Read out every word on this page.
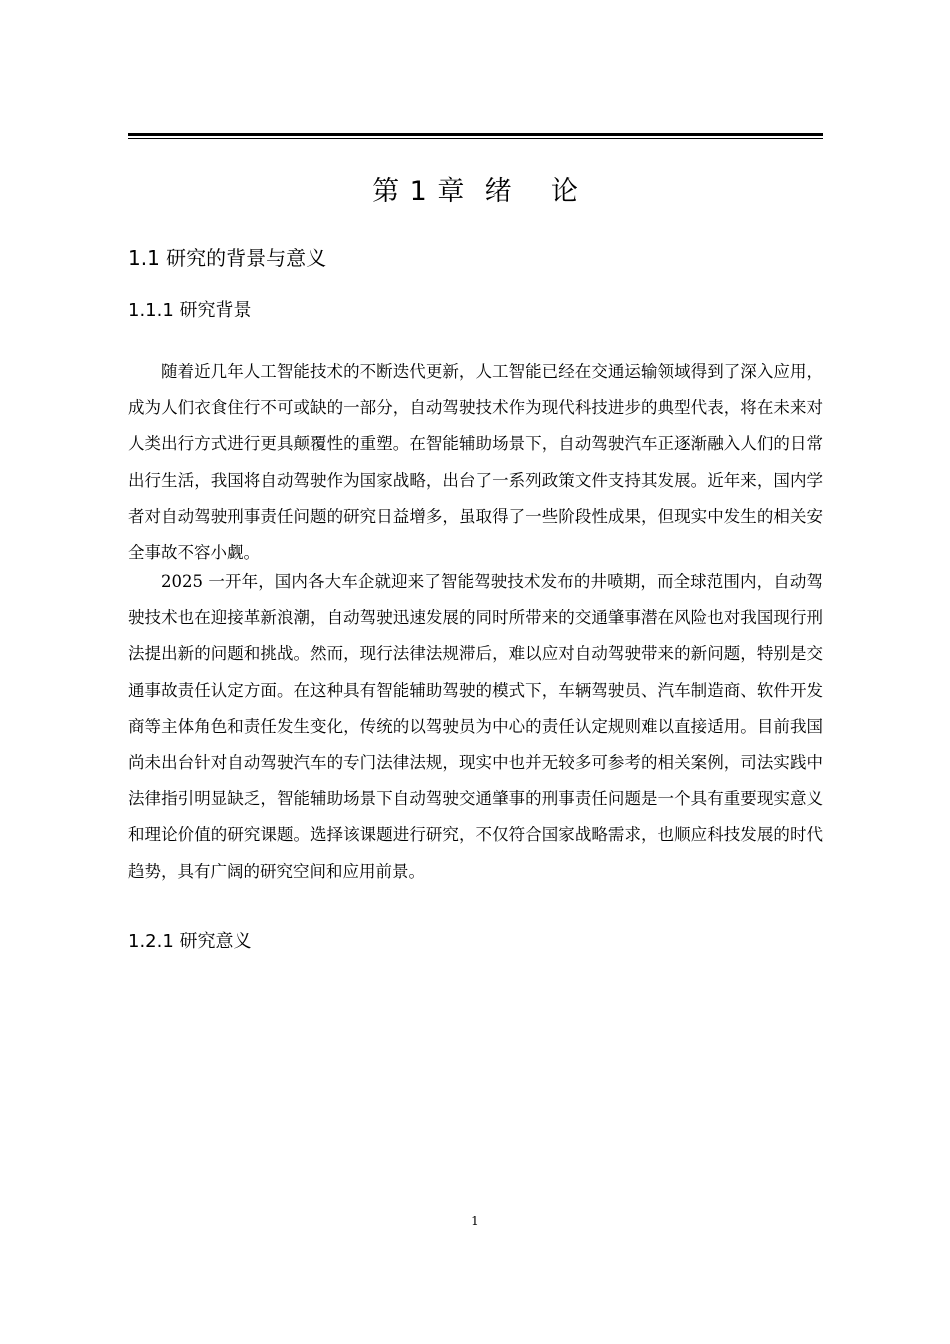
第 1 章  绪    论
1.1 研究的背景与意义
1.1.1 研究背景

随着近几年人工智能技术的不断迭代更新，人工智能已经在交通运输领域得到了深入应用，成为人们衣食住行不可或缺的一部分，自动驾驶技术作为现代科技进步的典型代表，将在未来对人类出行方式进行更具颠覆性的重塑。在智能辅助场景下，自动驾驶汽车正逐渐融入人们的日常出行生活，我国将自动驾驶作为国家战略，出台了一系列政策文件支持其发展。近年来，国内学者对自动驾驶刑事责任问题的研究日益增多，虽取得了一些阶段性成果，但现实中发生的相关安全事故不容小觑。

2025 一开年，国内各大车企就迎来了智能驾驶技术发布的井喷期，而全球范围内，自动驾驶技术也在迎接革新浪潮，自动驾驶迅速发展的同时所带来的交通肇事潜在风险也对我国现行刑法提出新的问题和挑战。然而，现行法律法规滞后，难以应对自动驾驶带来的新问题，特别是交通事故责任认定方面。在这种具有智能辅助驾驶的模式下，车辆驾驶员、汽车制造商、软件开发商等主体角色和责任发生变化，传统的以驾驶员为中心的责任认定规则难以直接适用。目前我国尚未出台针对自动驾驶汽车的专门法律法规，现实中也并无较多可参考的相关案例，司法实践中法律指引明显缺乏，智能辅助场景下自动驾驶交通肇事的刑事责任问题是一个具有重要现实意义和理论价值的研究课题。选择该课题进行研究，不仅符合国家战略需求，也顺应科技发展的时代趋势，具有广阔的研究空间和应用前景。

1.2.1 研究意义
1
